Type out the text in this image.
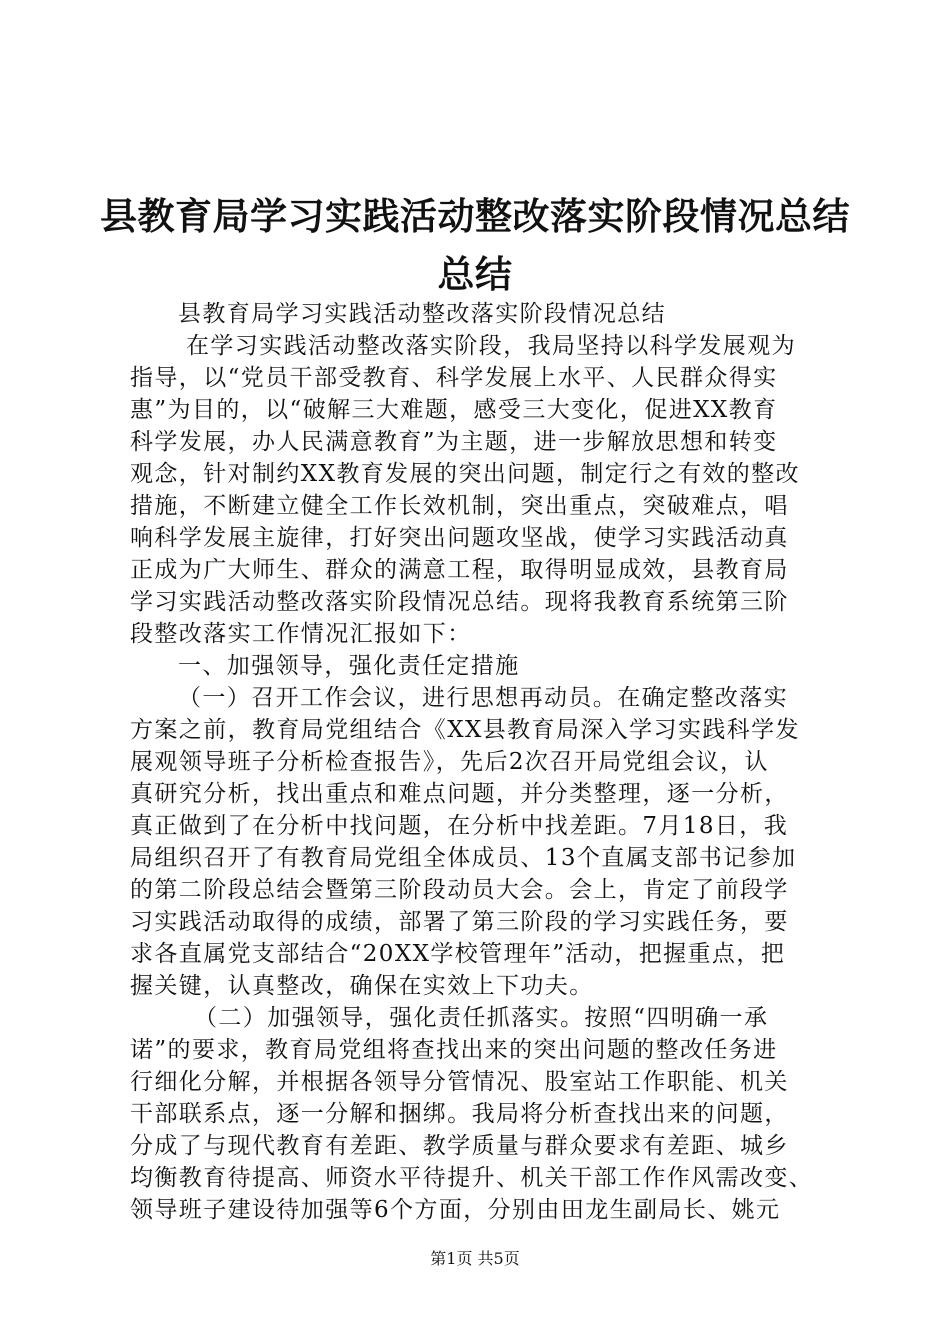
县教育局学习实践活动整改落实阶段情况总结
总结

县教育局学习实践活动整改落实阶段情况总结

在学习实践活动整改落实阶段，我局坚持以科学发展观为

指导，以“党员干部受教育、科学发展上水平、人民群众得实

惠”为目的，以“破解三大难题，感受三大变化，促进XX教育

科学发展，办人民满意教育”为主题，进一步解放思想和转变

观念，针对制约XX教育发展的突出问题，制定行之有效的整改

措施，不断建立健全工作长效机制，突出重点，突破难点，唱

响科学发展主旋律，打好突出问题攻坚战，使学习实践活动真

正成为广大师生、群众的满意工程，取得明显成效，县教育局

学习实践活动整改落实阶段情况总结。现将我教育系统第三阶

段整改落实工作情况汇报如下：

一、加强领导，强化责任定措施

（一）召开工作会议，进行思想再动员。在确定整改落实

方案之前，教育局党组结合《XX县教育局深入学习实践科学发

展观领导班子分析检查报告》，先后2次召开局党组会议，认

真研究分析，找出重点和难点问题，并分类整理，逐一分析，

真正做到了在分析中找问题，在分析中找差距。7月18日，我

局组织召开了有教育局党组全体成员、13个直属支部书记参加

的第二阶段总结会暨第三阶段动员大会。会上，肯定了前段学

习实践活动取得的成绩，部署了第三阶段的学习实践任务，要

求各直属党支部结合“20XX学校管理年”活动，把握重点，把

握关键，认真整改，确保在实效上下功夫。

（二）加强领导，强化责任抓落实。按照“四明确一承

诺”的要求，教育局党组将查找出来的突出问题的整改任务进

行细化分解，并根据各领导分管情况、股室站工作职能、机关

干部联系点，逐一分解和捆绑。我局将分析查找出来的问题，

分成了与现代教育有差距、教学质量与群众要求有差距、城乡

均衡教育待提高、师资水平待提升、机关干部工作作风需改变、

领导班子建设待加强等6个方面，分别由田龙生副局长、姚元

第1页 共5页
